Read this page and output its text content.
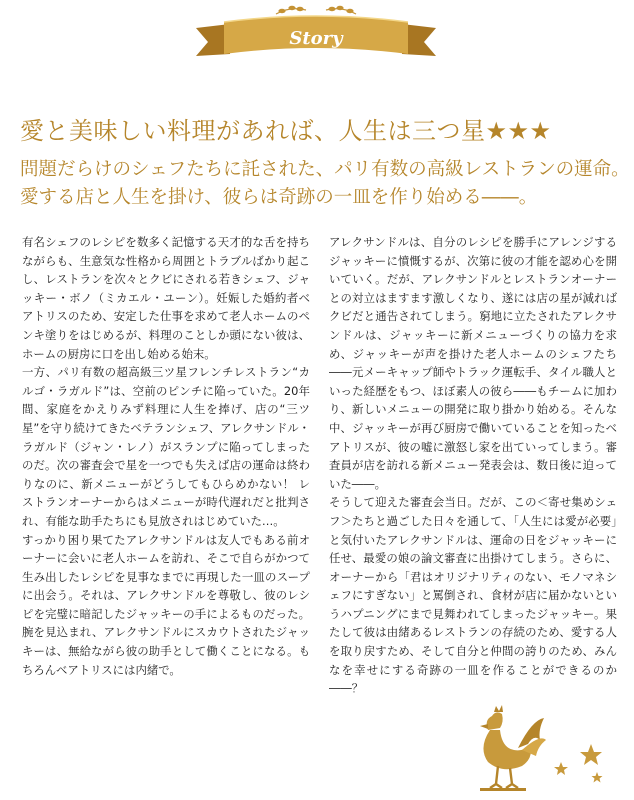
Story
愛と美味しい料理があれば、人生は三つ星★★★
問題だらけのシェフたちに託された、パリ有数の高級レストランの運命。
愛する店と人生を掛け、彼らは奇跡の一皿を作り始める――。

有名シェフのレシピを数多く記憶する天才的な舌を持ちながらも、生意気な性格から周囲とトラブルばかり起こし、レストランを次々とクビにされる若きシェフ、ジャッキー・ボノ（ミカエル・ユーン）。妊娠した婚約者ベアトリスのため、安定した仕事を求めて老人ホームのペンキ塗りをはじめるが、料理のことしか頭にない彼は、ホームの厨房に口を出し始める始末。

一方、パリ有数の超高級三ツ星フレンチレストラン“カルゴ・ラガルド”は、空前のピンチに陥っていた。20年間、家庭をかえりみず料理に人生を捧げ、店の“三ツ星”を守り続けてきたベテランシェフ、アレクサンドル・ラガルド（ジャン・レノ）がスランプに陥ってしまったのだ。次の審査会で星を一つでも失えば店の運命は終わりなのに、新メニューがどうしてもひらめかない！ レストランオーナーからはメニューが時代遅れだと批判され、有能な助手たちにも見放されはじめていた…。

すっかり困り果てたアレクサンドルは友人でもある前オーナーに会いに老人ホームを訪れ、そこで自らがかつて生み出したレシピを見事なまでに再現した一皿のスープに出会う。それは、アレクサンドルを尊敬し、彼のレシピを完璧に暗記したジャッキーの手によるものだった。腕を見込まれ、アレクサンドルにスカウトされたジャッキーは、無給ながら彼の助手として働くことになる。もちろんベアトリスには内緒で。

アレクサンドルは、自分のレシピを勝手にアレンジするジャッキーに憤慨するが、次第に彼の才能を認め心を開いていく。だが、アレクサンドルとレストランオーナーとの対立はますます激しくなり、遂には店の星が減ればクビだと通告されてしまう。窮地に立たされたアレクサンドルは、ジャッキーに新メニューづくりの協力を求め、ジャッキーが声を掛けた老人ホームのシェフたち――元メーキャップ師やトラック運転手、タイル職人といった経歴をもつ、ほぼ素人の彼ら――もチームに加わり、新しいメニューの開発に取り掛かり始める。そんな中、ジャッキーが再び厨房で働いていることを知ったベアトリスが、彼の嘘に激怒し家を出ていってしまう。審査員が店を訪れる新メニュー発表会は、数日後に迫っていた――。

そうして迎えた審査会当日。だが、この＜寄せ集めシェフ＞たちと過ごした日々を通して、「人生には愛が必要」と気付いたアレクサンドルは、運命の日をジャッキーに任せ、最愛の娘の論文審査に出掛けてしまう。さらに、オーナーから「君はオリジナリティのない、モノマネシェフにすぎない」と罵倒され、食材が店に届かないというハプニングにまで見舞われてしまったジャッキー。果たして彼は由緒あるレストランの存続のため、愛する人を取り戻すため、そして自分と仲間の誇りのため、みんなを幸せにする奇跡の一皿を作ることができるのか――？
